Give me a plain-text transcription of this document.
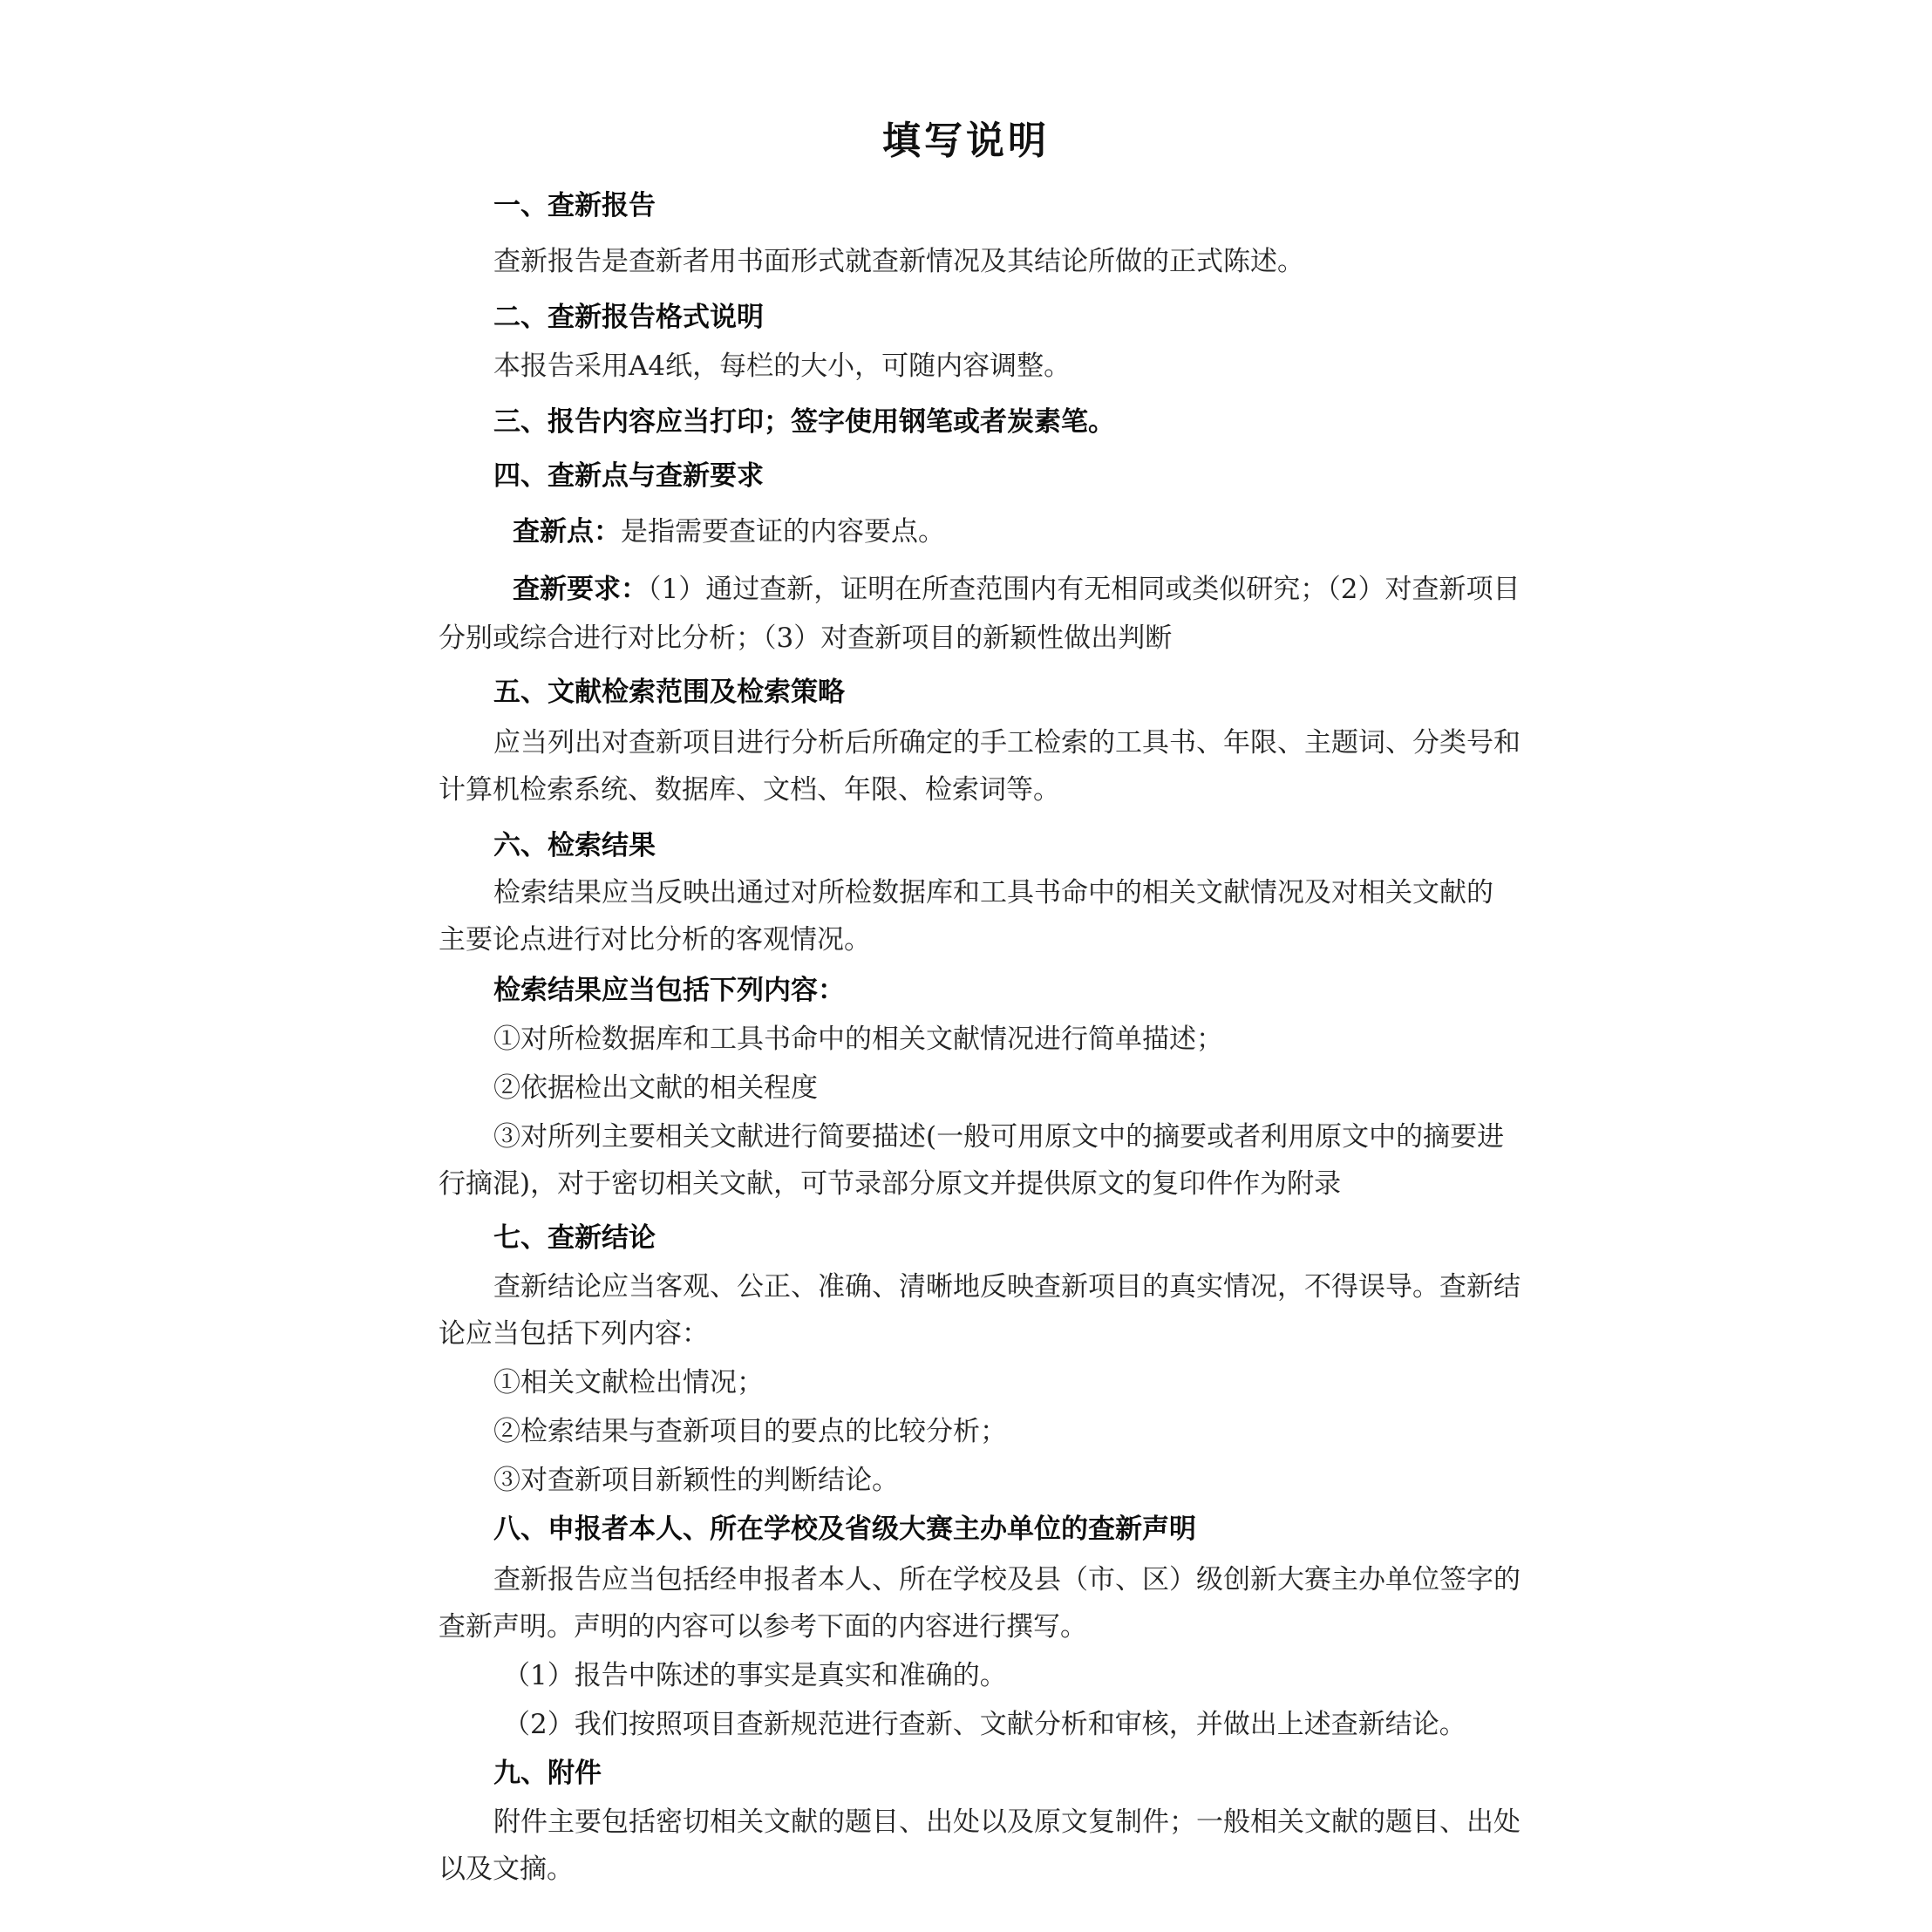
填写说明
一、查新报告
查新报告是查新者用书面形式就查新情况及其结论所做的正式陈述。
二、查新报告格式说明
本报告采用A4纸，每栏的大小，可随内容调整。
三、报告内容应当打印；签字使用钢笔或者炭素笔。
四、查新点与查新要求
查新点：是指需要查证的内容要点。
查新要求：（1）通过查新，证明在所查范围内有无相同或类似研究；（2）对查新项目
分别或综合进行对比分析；（3）对查新项目的新颖性做出判断
五、文献检索范围及检索策略
应当列出对查新项目进行分析后所确定的手工检索的工具书、年限、主题词、分类号和
计算机检索系统、数据库、文档、年限、检索词等。
六、检索结果
检索结果应当反映出通过对所检数据库和工具书命中的相关文献情况及对相关文献的
主要论点进行对比分析的客观情况。
检索结果应当包括下列内容：
①对所检数据库和工具书命中的相关文献情况进行简单描述；
②依据检出文献的相关程度
③对所列主要相关文献进行简要描述(一般可用原文中的摘要或者利用原文中的摘要进
行摘混)，对于密切相关文献，可节录部分原文并提供原文的复印件作为附录
七、查新结论
查新结论应当客观、公正、准确、清晰地反映查新项目的真实情况，不得误导。查新结
论应当包括下列内容：
①相关文献检出情况；
②检索结果与查新项目的要点的比较分析；
③对查新项目新颖性的判断结论。
八、申报者本人、所在学校及省级大赛主办单位的查新声明
查新报告应当包括经申报者本人、所在学校及县（市、区）级创新大赛主办单位签字的
查新声明。声明的内容可以参考下面的内容进行撰写。
（1）报告中陈述的事实是真实和准确的。
（2）我们按照项目查新规范进行查新、文献分析和审核，并做出上述查新结论。
九、附件
附件主要包括密切相关文献的题目、出处以及原文复制件；一般相关文献的题目、出处
以及文摘。
